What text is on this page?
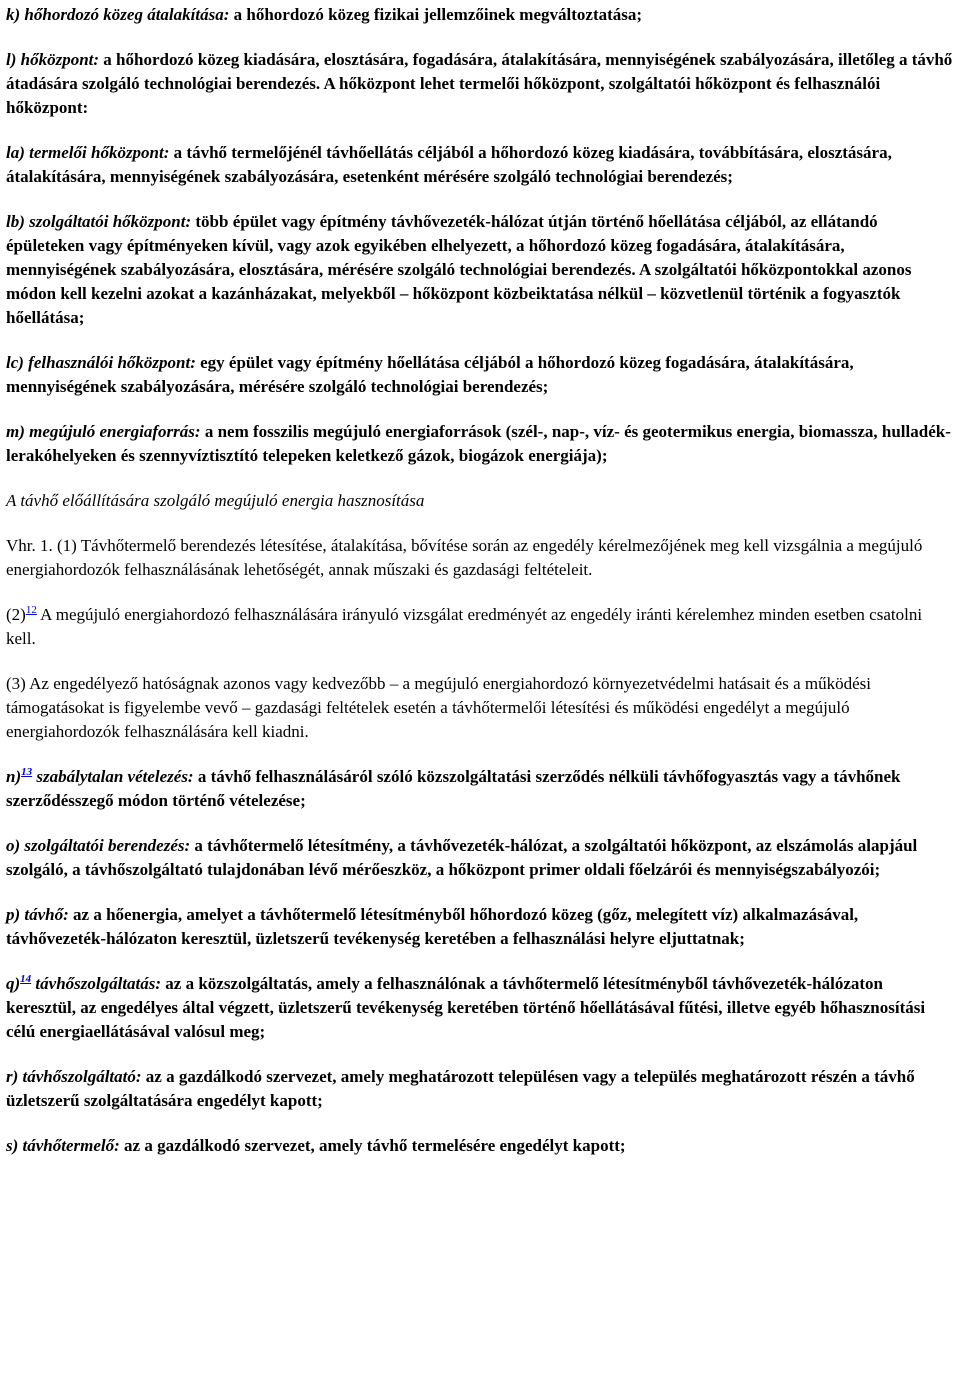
k) hőhordozó közeg átalakítása: a hőhordozó közeg fizikai jellemzőinek megváltoztatása;

l) hőközpont: a hőhordozó közeg kiadására, elosztására, fogadására, átalakítására, mennyiségének szabályozására, illetőleg a távhő átadására szolgáló technológiai berendezés. A hőközpont lehet termelői hőközpont, szolgáltatói hőközpont és felhasználói hőközpont:

la) termelői hőközpont: a távhő termelőjénél távhőellátás céljából a hőhordozó közeg kiadására, továbbítására, elosztására, átalakítására, mennyiségének szabályozására, esetenként mérésére szolgáló technológiai berendezés;

lb) szolgáltatói hőközpont: több épület vagy építmény távhővezeték-hálózat útján történő hőellátása céljából, az ellátandó épületeken vagy építményeken kívül, vagy azok egyikében elhelyezett, a hőhordozó közeg fogadására, átalakítására, mennyiségének szabályozására, elosztására, mérésére szolgáló technológiai berendezés. A szolgáltatói hőközpontokkal azonos módon kell kezelni azokat a kazánházakat, melyekből – hőközpont közbeiktatása nélkül – közvetlenül történik a fogyasztók hőellátása;

lc) felhasználói hőközpont: egy épület vagy építmény hőellátása céljából a hőhordozó közeg fogadására, átalakítására, mennyiségének szabályozására, mérésére szolgáló technológiai berendezés;

m) megújuló energiaforrás: a nem fosszilis megújuló energiaforrások (szél-, nap-, víz- és geotermikus energia, biomassza, hulladék-lerakóhelyeken és szennyvíztisztító telepeken keletkező gázok, biogázok energiája);

A távhő előállítására szolgáló megújuló energia hasznosítása

Vhr. 1. (1) Távhőtermelő berendezés létesítése, átalakítása, bővítése során az engedély kérelmezőjének meg kell vizsgálnia a megújuló energiahordozók felhasználásának lehetőségét, annak műszaki és gazdasági feltételeit.

$(2)^{12}$ A megújuló energiahordozó felhasználására irányuló vizsgálat eredményét az engedély iránti kérelemhez minden esetben csatolni kell.

(3) Az engedélyező hatóságnak azonos vagy kedvezőbb – a megújuló energiahordozó környezetvédelmi hatásait és a működési támogatásokat is figyelembe vevő – gazdasági feltételek esetén a távhőtermelői létesítési és működési engedélyt a megújuló energiahordozók felhasználására kell kiadni.

n)$^{13}$ szabálytalan vételezés: a távhő felhasználásáról szóló közszolgáltatási szerződés nélküli távhőfogyasztás vagy a távhőnek szerződésszegő módon történő vételezése;

o) szolgáltatói berendezés: a távhőtermelő létesítmény, a távhővezeték-hálózat, a szolgáltatói hőközpont, az elszámolás alapjául szolgáló, a távhőszolgáltató tulajdonában lévő mérőeszköz, a hőközpont primer oldali főelzárói és mennyiségszabályozói;

p) távhő: az a hőenergia, amelyet a távhőtermelő létesítményből hőhordozó közeg (gőz, melegített víz) alkalmazásával, távhővezeték-hálózaton keresztül, üzletszerű tevékenység keretében a felhasználási helyre eljuttatnak;

q)$^{14}$ távhőszolgáltatás: az a közszolgáltatás, amely a felhasználónak a távhőtermelő létesítményből távhővezeték-hálózaton keresztül, az engedélyes által végzett, üzletszerű tevékenység keretében történő hőellátásával fűtési, illetve egyéb hőhasznosítási célú energiaellátásával valósul meg;

r) távhőszolgáltató: az a gazdálkodó szervezet, amely meghatározott településen vagy a település meghatározott részén a távhő üzletszerű szolgáltatására engedélyt kapott;

s) távhőtermelő: az a gazdálkodó szervezet, amely távhő termelésére engedélyt kapott;
